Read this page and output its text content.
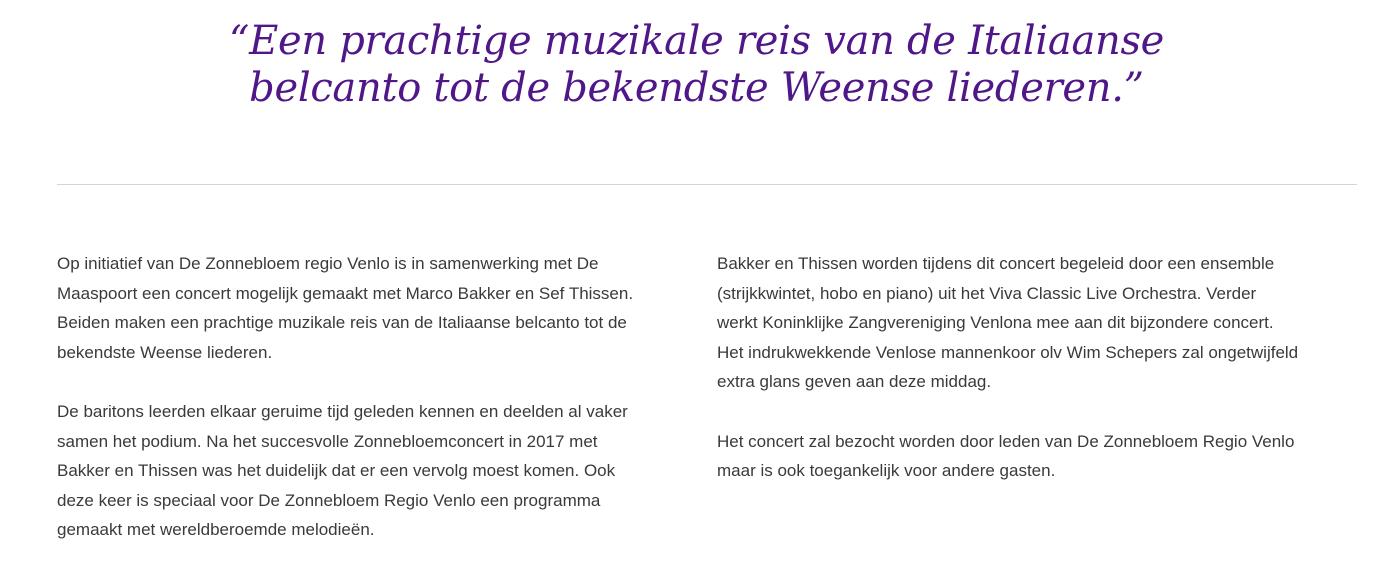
“Een prachtige muzikale reis van de Italiaanse
belcanto tot de bekendste Weense liederen.”

Op initiatief van De Zonnebloem regio Venlo is in samenwerking met De
Maaspoort een concert mogelijk gemaakt met Marco Bakker en Sef Thissen.
Beiden maken een prachtige muzikale reis van de Italiaanse belcanto tot de
bekendste Weense liederen.

De baritons leerden elkaar geruime tijd geleden kennen en deelden al vaker
samen het podium. Na het succesvolle Zonnebloemconcert in 2017 met
Bakker en Thissen was het duidelijk dat er een vervolg moest komen. Ook
deze keer is speciaal voor De Zonnebloem Regio Venlo een programma
gemaakt met wereldberoemde melodieën.

Bakker en Thissen worden tijdens dit concert begeleid door een ensemble
(strijkkwintet, hobo en piano) uit het Viva Classic Live Orchestra. Verder
werkt Koninklijke Zangvereniging Venlona mee aan dit bijzondere concert.
Het indrukwekkende Venlose mannenkoor olv Wim Schepers zal ongetwijfeld
extra glans geven aan deze middag.

Het concert zal bezocht worden door leden van De Zonnebloem Regio Venlo
maar is ook toegankelijk voor andere gasten.
